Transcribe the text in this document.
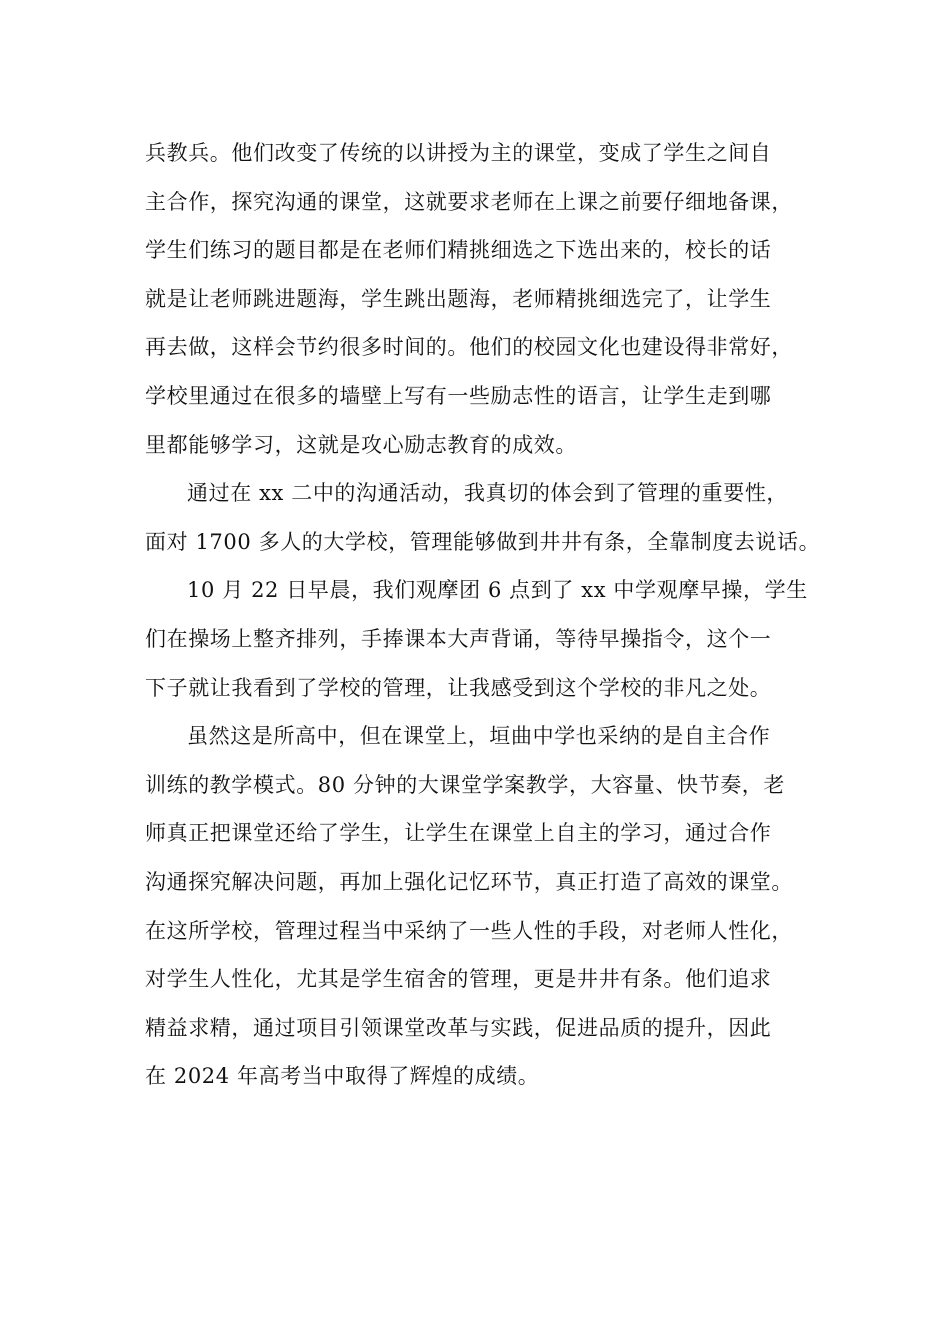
兵教兵。他们改变了传统的以讲授为主的课堂，变成了学生之间自
主合作，探究沟通的课堂，这就要求老师在上课之前要仔细地备课，
学生们练习的题目都是在老师们精挑细选之下选出来的，校长的话
就是让老师跳进题海，学生跳出题海，老师精挑细选完了，让学生
再去做，这样会节约很多时间的。他们的校园文化也建设得非常好，
学校里通过在很多的墙壁上写有一些励志性的语言，让学生走到哪
里都能够学习，这就是攻心励志教育的成效。
通过在 xx 二中的沟通活动，我真切的体会到了管理的重要性，
面对 1700 多人的大学校，管理能够做到井井有条，全靠制度去说话。
10 月 22 日早晨，我们观摩团 6 点到了 xx 中学观摩早操，学生
们在操场上整齐排列，手捧课本大声背诵，等待早操指令，这个一
下子就让我看到了学校的管理，让我感受到这个学校的非凡之处。
虽然这是所高中，但在课堂上，垣曲中学也采纳的是自主合作
训练的教学模式。80 分钟的大课堂学案教学，大容量、快节奏，老
师真正把课堂还给了学生，让学生在课堂上自主的学习，通过合作
沟通探究解决问题，再加上强化记忆环节，真正打造了高效的课堂。
在这所学校，管理过程当中采纳了一些人性的手段，对老师人性化，
对学生人性化，尤其是学生宿舍的管理，更是井井有条。他们追求
精益求精，通过项目引领课堂改革与实践，促进品质的提升，因此
在 2024 年高考当中取得了辉煌的成绩。
